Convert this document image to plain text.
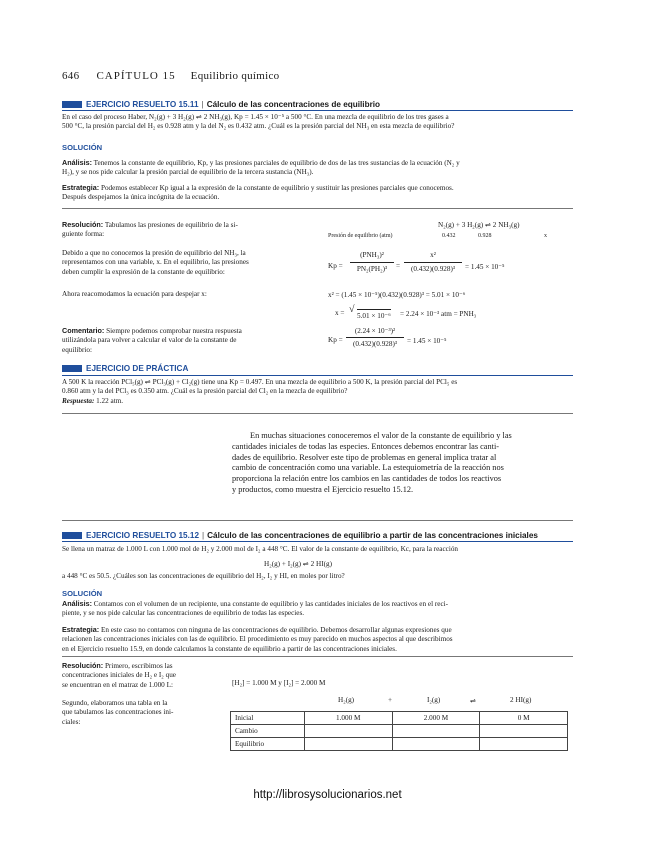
646 CAPÍTULO 15 Equilibrio químico
EJERCICIO RESUELTO 15.11 | Cálculo de las concentraciones de equilibrio
En el caso del proceso Haber, N₂(g) + 3 H₂(g) ⇌ 2 NH₃(g), Kp = 1.45 × 10⁻⁵ a 500 °C. En una mezcla de equilibrio de los tres gases a
500 °C, la presión parcial del H₂ es 0.928 atm y la del N₂ es 0.432 atm. ¿Cuál es la presión parcial del NH₃ en esta mezcla de equilibrio?
SOLUCIÓN
Análisis: Tenemos la constante de equilibrio, Kp, y las presiones parciales de equilibrio de dos de las tres sustancias de la ecuación (N₂ y
H₂), y se nos pide calcular la presión parcial de equilibrio de la tercera sustancia (NH₃).
Estrategia: Podemos establecer Kp igual a la expresión de la constante de equilibrio y sustituir las presiones parciales que conocemos.
Después despejamos la única incógnita de la ecuación.
Resolución: Tabulamos las presiones de equilibrio de la si-
guiente forma:
N₂(g) + 3 H₂(g) ⇌ 2 NH₃(g)
Presión de equilibrio (atm)	0.432	0.928	x
Debido a que no conocemos la presión de equilibrio del NH₃, la
representamos con una variable, x. En el equilibrio, las presiones
deben cumplir la expresión de la constante de equilibrio:
Kp =
(PNH₃)²
PN₂(PH₂)³	=
x²
(0.432)(0.928)³	= 1.45 × 10⁻⁵
Ahora reacomodamos la ecuación para despejar x:	x² = (1.45 × 10⁻⁵)(0.432)(0.928)³ = 5.01 × 10⁻⁶
x = √
5.01 × 10⁻⁶ = 2.24 × 10⁻³ atm = PNH₃
Comentario: Siempre podemos comprobar nuestra respuesta
utilizándola para volver a calcular el valor de la constante de
equilibrio:
Kp =
(2.24 × 10⁻³)²
(0.432)(0.928)³	= 1.45 × 10⁻⁵
EJERCICIO DE PRÁCTICA
A 500 K la reacción PCl₅(g) ⇌ PCl₃(g) + Cl₂(g) tiene una Kp = 0.497. En una mezcla de equilibrio a 500 K, la presión parcial del PCl₅ es
0.860 atm y la del PCl₃ es 0.350 atm. ¿Cuál es la presión parcial del Cl₂ en la mezcla de equilibrio?
Respuesta: 1.22 atm.
En muchas situaciones conoceremos el valor de la constante de equilibrio y las
cantidades iniciales de todas las especies. Entonces debemos encontrar las canti-
dades de equilibrio. Resolver este tipo de problemas en general implica tratar al
cambio de concentración como una variable. La estequiometría de la reacción nos
proporciona la relación entre los cambios en las cantidades de todos los reactivos
y productos, como muestra el Ejercicio resuelto 15.12.
EJERCICIO RESUELTO 15.12 | Cálculo de las concentraciones de equilibrio a partir de las concentraciones iniciales
Se llena un matraz de 1.000 L con 1.000 mol de H₂ y 2.000 mol de I₂ a 448 °C. El valor de la constante de equilibrio, Kc, para la reacción
H₂(g) + I₂(g) ⇌ 2 HI(g)
a 448 °C es 50.5. ¿Cuáles son las concentraciones de equilibrio del H₂, I₂ y HI, en moles por litro?
SOLUCIÓN
Análisis: Contamos con el volumen de un recipiente, una constante de equilibrio y las cantidades iniciales de los reactivos en el reci-
piente, y se nos pide calcular las concentraciones de equilibrio de todas las especies.
Estrategia: En este caso no contamos con ninguna de las concentraciones de equilibrio. Debemos desarrollar algunas expresiones que
relacionen las concentraciones iniciales con las de equilibrio. El procedimiento es muy parecido en muchos aspectos al que describimos
en el Ejercicio resuelto 15.9, en donde calculamos la constante de equilibrio a partir de las concentraciones iniciales.
Resolución: Primero, escribimos las
concentraciones iniciales de H₂ e I₂ que
se encuentran en el matraz de 1.000 L:	[H₂] = 1.000 M y [I₂] = 2.000 M
Segundo, elaboramos una tabla en la
que tabulamos las concentraciones ini-
ciales:
H₂(g)	+	I₂(g)	⇌	2 HI(g)
Inicial	1.000 M	2.000 M	0 M
Cambio			
Equilibrio			
http://librosysolucionarios.net
